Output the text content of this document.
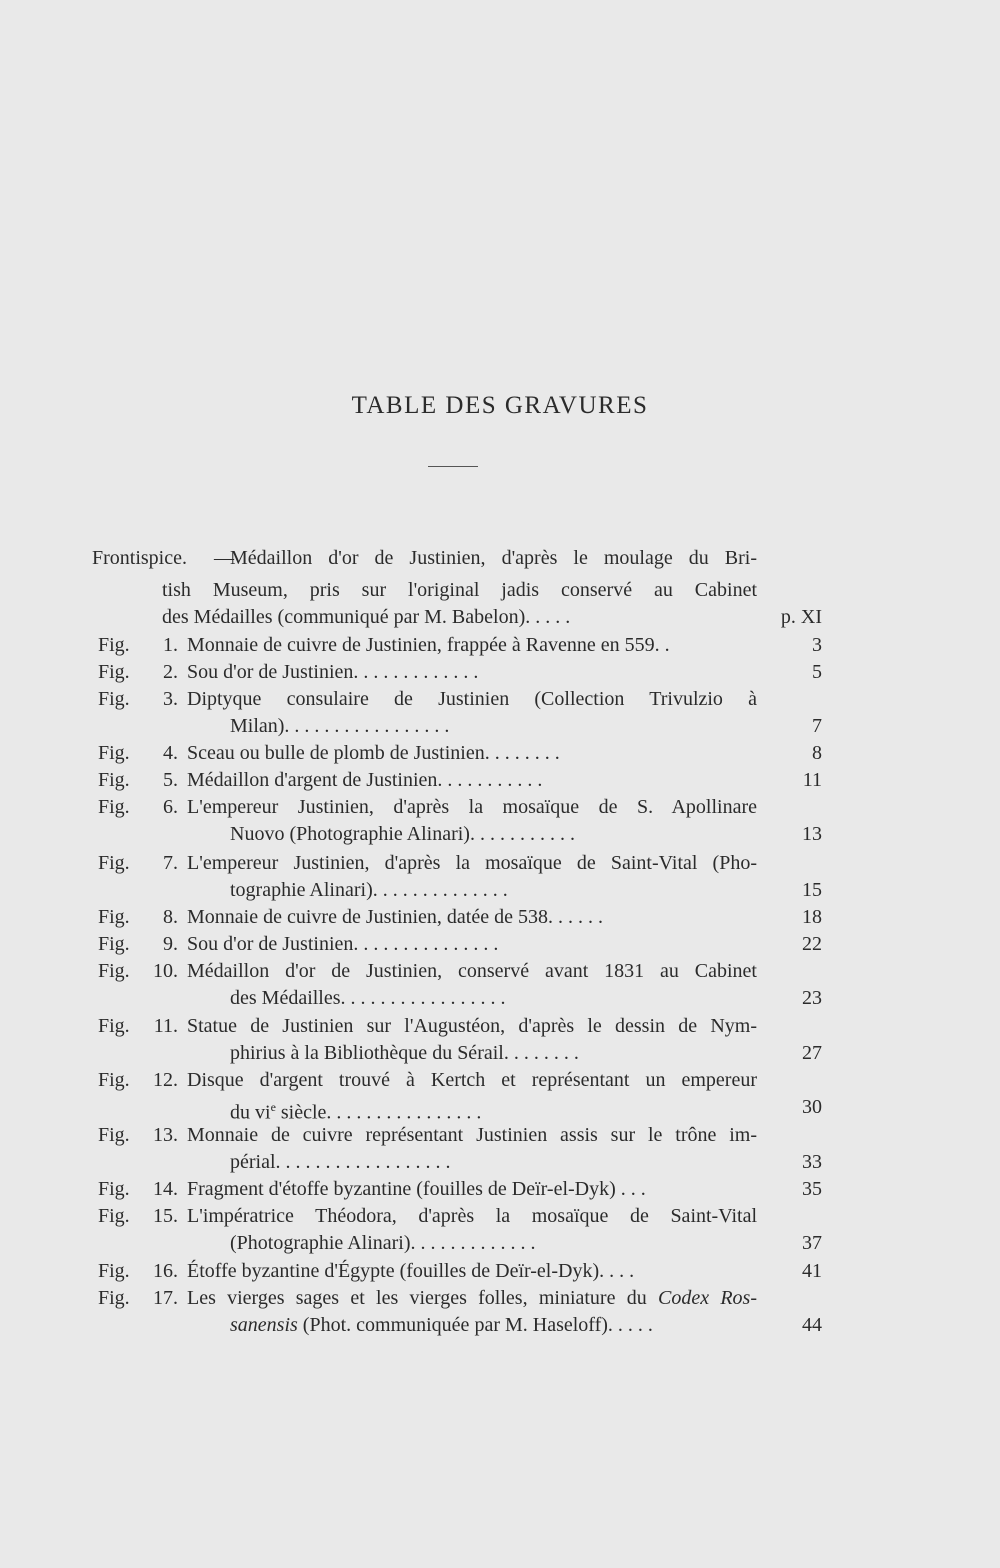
TABLE DES GRAVURES
Frontispice. —
Médaillon d'or de Justinien, d'après le moulage du Bri-
tish Museum, pris sur l'original jadis conservé au Cabinet
des Médailles (communiqué par M. Babelon). . . . .	p. XI
Fig.	1. Monnaie de cuivre de Justinien, frappée à Ravenne en 559. .	3
Fig.	2. Sou d'or de Justinien. . . . . . . . . . . . .	5
Fig.	3. Diptyque consulaire de Justinien (Collection Trivulzio à
Milan). . . . . . . . . . . . . . . . .	7
Fig.	4. Sceau ou bulle de plomb de Justinien. . . . . . . .	8
Fig.	5. Médaillon d'argent de Justinien. . . . . . . . . . .	11
Fig.	6. L'empereur Justinien, d'après la mosaïque de S. Apollinare
Nuovo (Photographie Alinari). . . . . . . . . . .	13
Fig.	7. L'empereur Justinien, d'après la mosaïque de Saint-Vital (Pho-
tographie Alinari). . . . . . . . . . . . . .	15
Fig.	8. Monnaie de cuivre de Justinien, datée de 538. . . . . .	18
Fig.	9. Sou d'or de Justinien. . . . . . . . . . . . . . .	22
Fig.	10. Médaillon d'or de Justinien, conservé avant 1831 au Cabinet
des Médailles. . . . . . . . . . . . . . . . .	23
Fig.	11. Statue de Justinien sur l'Augustéon, d'après le dessin de Nym-
phirius à la Bibliothèque du Sérail. . . . . . . .	27
Fig.	12. Disque d'argent trouvé à Kertch et représentant un empereur
du $vi^e$ siècle. . . . . . . . . . . . . . . .	30
Fig.	13. Monnaie de cuivre représentant Justinien assis sur le trône im-
périal. . . . . . . . . . . . . . . . . .	33
Fig.	14. Fragment d'étoffe byzantine (fouilles de Deïr-el-Dyk) . . .	35
Fig.	15. L'impératrice Théodora, d'après la mosaïque de Saint-Vital
(Photographie Alinari). . . . . . . . . . . . .	37
Fig.	16. Étoffe byzantine d'Égypte (fouilles de Deïr-el-Dyk). . . .	41
Fig.	17. Les vierges sages et les vierges folles, miniature du Codex Ros-
sanensis (Phot. communiquée par M. Haseloff). . . . .	44
